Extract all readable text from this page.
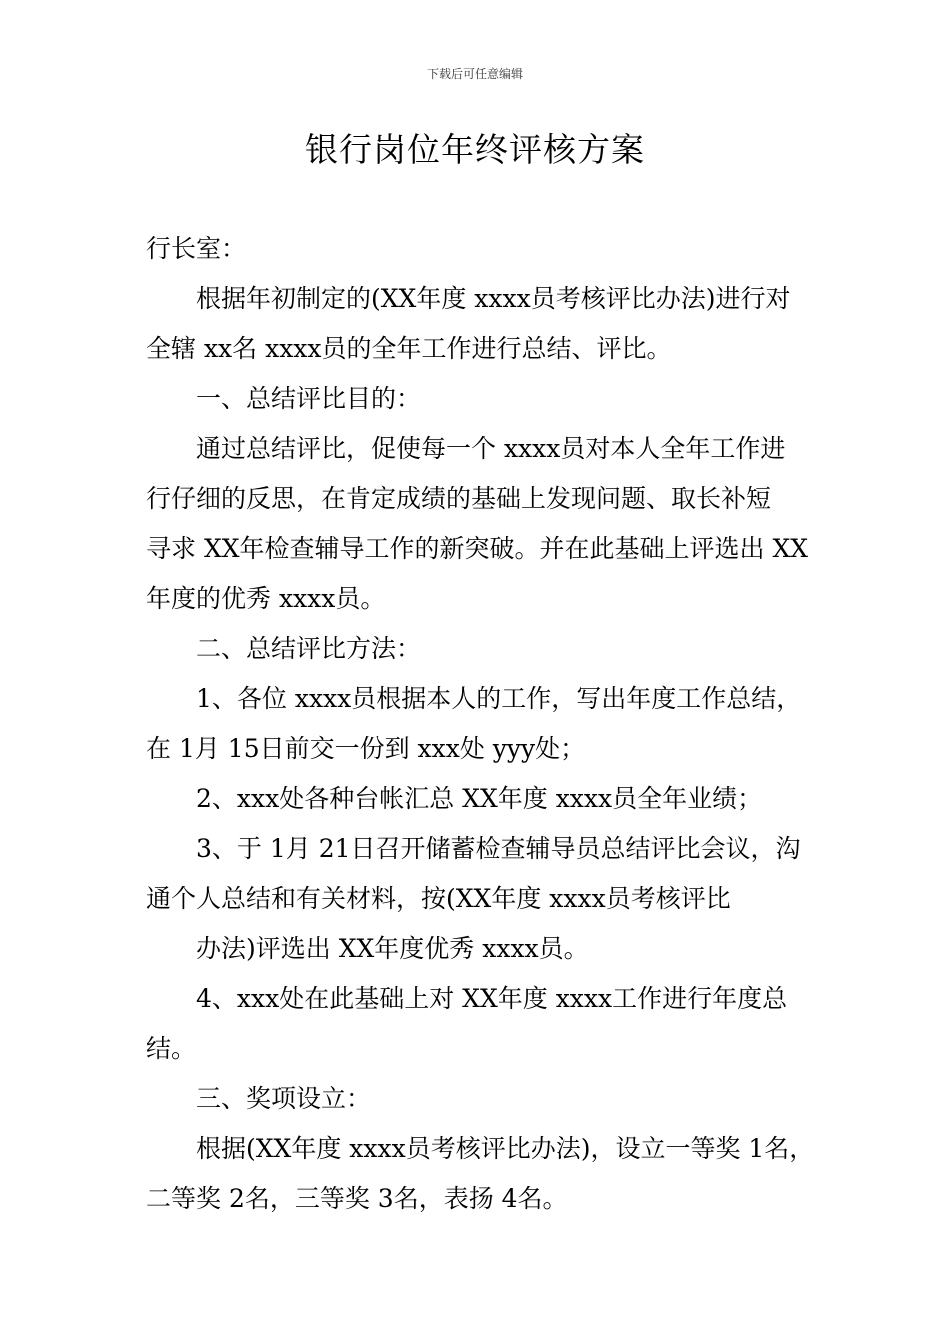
下载后可任意编辑
银行岗位年终评核方案
行长室：
根据年初制定的(XX年度 xxxx员考核评比办法)进行对
全辖 xx名 xxxx员的全年工作进行总结、评比。
一、总结评比目的：
通过总结评比，促使每一个 xxxx员对本人全年工作进
行仔细的反思，在肯定成绩的基础上发现问题、取长补短
寻求 XX年检查辅导工作的新突破。并在此基础上评选出 XX
年度的优秀 xxxx员。
二、总结评比方法：
1、各位 xxxx员根据本人的工作，写出年度工作总结，
在 1月 15日前交一份到 xxx处 yyy处；
2、xxx处各种台帐汇总 XX年度 xxxx员全年业绩；
3、于 1月 21日召开储蓄检查辅导员总结评比会议，沟
通个人总结和有关材料，按(XX年度 xxxx员考核评比
办法)评选出 XX年度优秀 xxxx员。
4、xxx处在此基础上对 XX年度 xxxx工作进行年度总
结。
三、奖项设立：
根据(XX年度 xxxx员考核评比办法)，设立一等奖 1名，
二等奖 2名，三等奖 3名，表扬 4名。
